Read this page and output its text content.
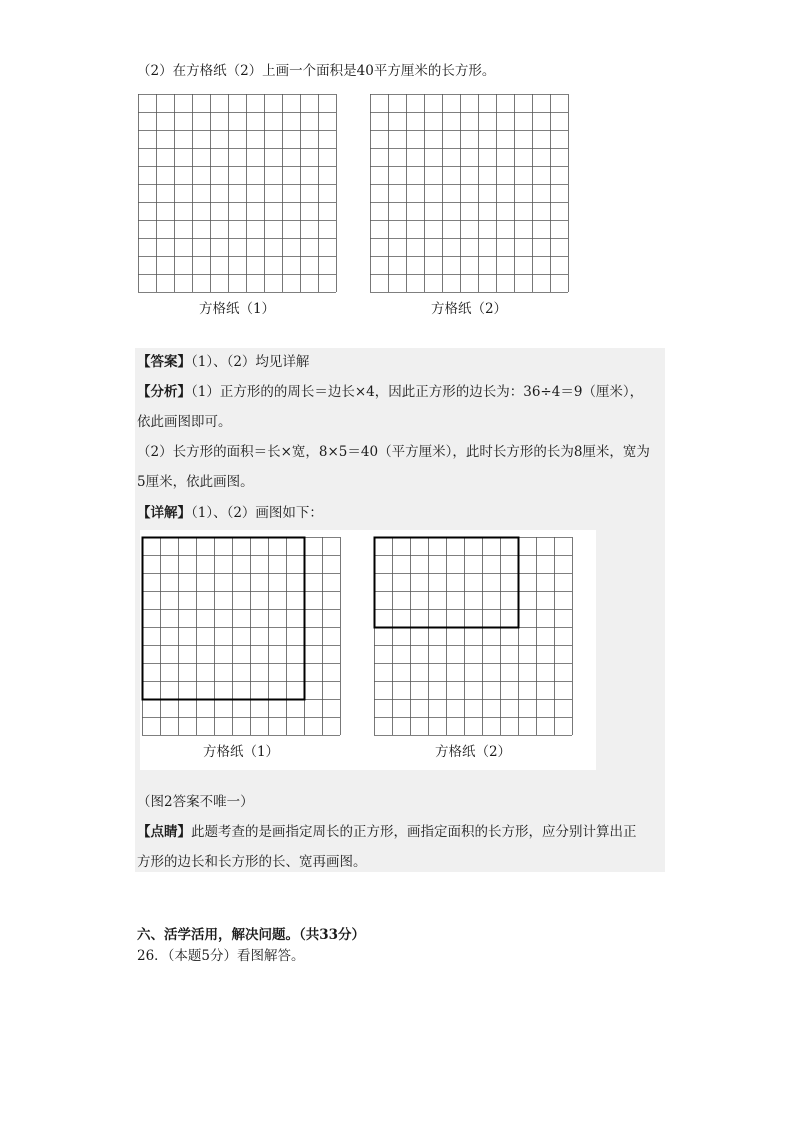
（2）在方格纸（2）上画一个面积是40平方厘米的长方形。
方格纸（1）	方格纸（2）
【答案】（1）、（2）均见详解
【分析】（1）正方形的的周长＝边长×4，因此正方形的边长为：36÷4＝9（厘米），
依此画图即可。
（2）长方形的面积＝长×宽，8×5＝40（平方厘米），此时长方形的长为8厘米，宽为
5厘米，依此画图。
【详解】（1）、（2）画图如下：
方格纸（1）	方格纸（2）
（图2答案不唯一）
【点睛】此题考查的是画指定周长的正方形，画指定面积的长方形，应分别计算出正
方形的边长和长方形的长、宽再画图。
六、活学活用，解决问题。（共33分）
26．（本题5分）看图解答。
